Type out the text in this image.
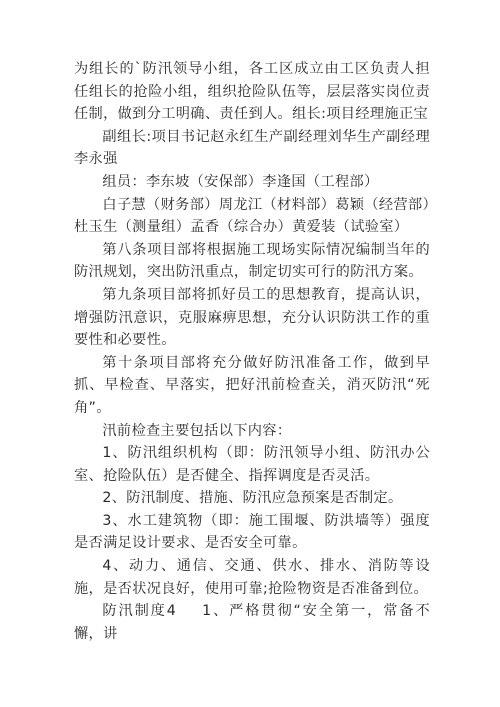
为组长的`防汛领导小组，各工区成立由工区负责人担任组长的抢险小组，组织抢险队伍等，层层落实岗位责任制，做到分工明确、责任到人。组长:项目经理施正宝

副组长:项目书记赵永红生产副经理刘华生产副经理李永强

组员：李东坡（安保部）李逢国（工程部）

白子慧（财务部）周龙江（材料部）葛颖（经营部）杜玉生（测量组）孟香（综合办）黄爱装（试验室）

第八条项目部将根据施工现场实际情况编制当年的防汛规划，突出防汛重点，制定切实可行的防汛方案。

第九条项目部将抓好员工的思想教育，提高认识，增强防汛意识，克服麻痹思想，充分认识防洪工作的重要性和必要性。

第十条项目部将充分做好防汛准备工作，做到早抓、早检查、早落实，把好汛前检查关，消灭防汛“死角”。

汛前检查主要包括以下内容：

1、防汛组织机构（即：防汛领导小组、防汛办公室、抢险队伍）是否健全、指挥调度是否灵活。

2、防汛制度、措施、防汛应急预案是否制定。

3、水工建筑物（即：施工围堰、防洪墙等）强度是否满足设计要求、是否安全可靠。

4、动力、通信、交通、供水、排水、消防等设施，是否状况良好，使用可靠;抢险物资是否准备到位。

防汛制度4 1、严格贯彻“安全第一，常备不懈，讲
